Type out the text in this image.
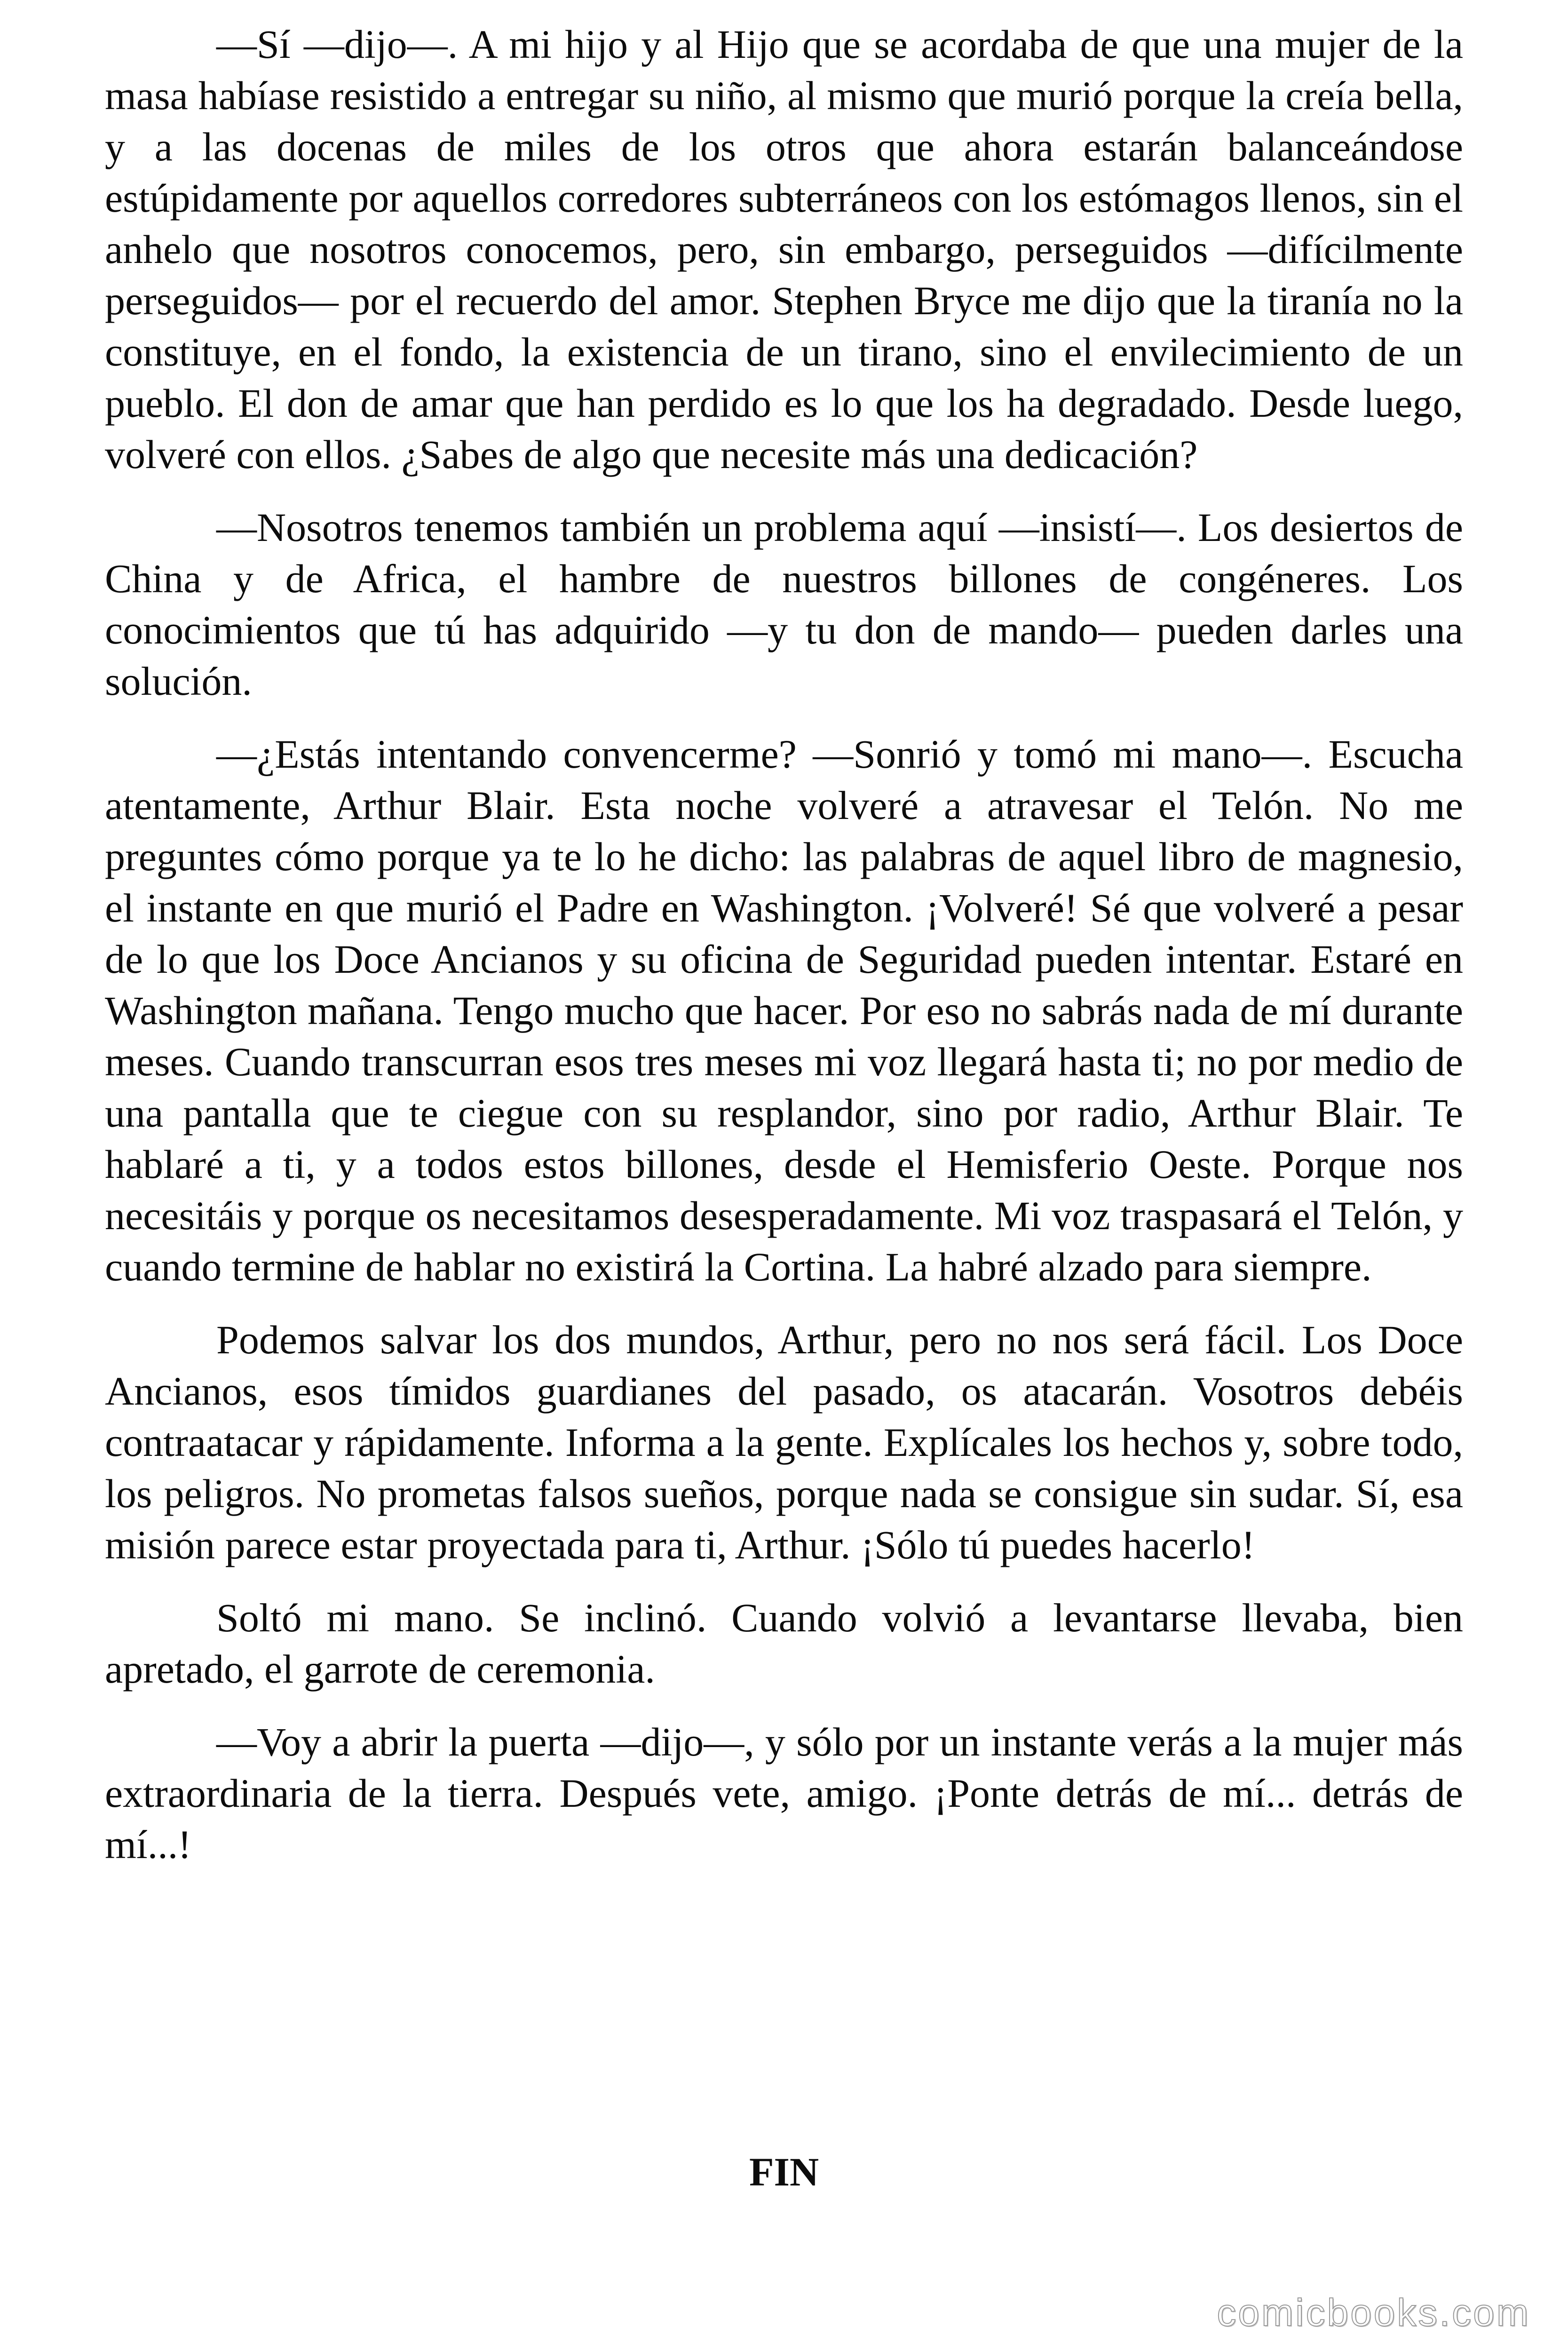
—Sí —dijo—. A mi hijo y al Hijo que se acordaba de que una mujer de la masa habíase resistido a entregar su niño, al mismo que murió porque la creía bella, y a las docenas de miles de los otros que ahora estarán balanceándose estúpidamente por aquellos corredores subterráneos con los estómagos llenos, sin el anhelo que nosotros conocemos, pero, sin embargo, perseguidos —difícilmente perseguidos— por el recuerdo del amor. Stephen Bryce me dijo que la tiranía no la constituye, en el fondo, la existencia de un tirano, sino el envilecimiento de un pueblo. El don de amar que han perdido es lo que los ha degradado. Desde luego, volveré con ellos. ¿Sabes de algo que necesite más una dedicación?

—Nosotros tenemos también un problema aquí —insistí—. Los desiertos de China y de Africa, el hambre de nuestros billones de congéneres. Los conocimientos que tú has adquirido —y tu don de mando— pueden darles una solución.

—¿Estás intentando convencerme? —Sonrió y tomó mi mano—. Escucha atentamente, Arthur Blair. Esta noche volveré a atravesar el Telón. No me preguntes cómo porque ya te lo he dicho: las palabras de aquel libro de magnesio, el instante en que murió el Padre en Washington. ¡Volveré! Sé que volveré a pesar de lo que los Doce Ancianos y su oficina de Seguridad pueden intentar. Estaré en Washington mañana. Tengo mucho que hacer. Por eso no sabrás nada de mí durante meses. Cuando transcurran esos tres meses mi voz llegará hasta ti; no por medio de una pantalla que te ciegue con su resplandor, sino por radio, Arthur Blair. Te hablaré a ti, y a todos estos billones, desde el Hemisferio Oeste. Porque nos necesitáis y porque os necesitamos desesperadamente. Mi voz traspasará el Telón, y cuando termine de hablar no existirá la Cortina. La habré alzado para siempre.

Podemos salvar los dos mundos, Arthur, pero no nos será fácil. Los Doce Ancianos, esos tímidos guardianes del pasado, os atacarán. Vosotros debéis contraatacar y rápidamente. Informa a la gente. Explícales los hechos y, sobre todo, los peligros. No prometas falsos sueños, porque nada se consigue sin sudar. Sí, esa misión parece estar proyectada para ti, Arthur. ¡Sólo tú puedes hacerlo!

Soltó mi mano. Se inclinó. Cuando volvió a levantarse llevaba, bien apretado, el garrote de ceremonia.

—Voy a abrir la puerta —dijo—, y sólo por un instante verás a la mujer más extraordinaria de la tierra. Después vete, amigo. ¡Ponte detrás de mí... detrás de mí...!

FIN
comicbooks.com
